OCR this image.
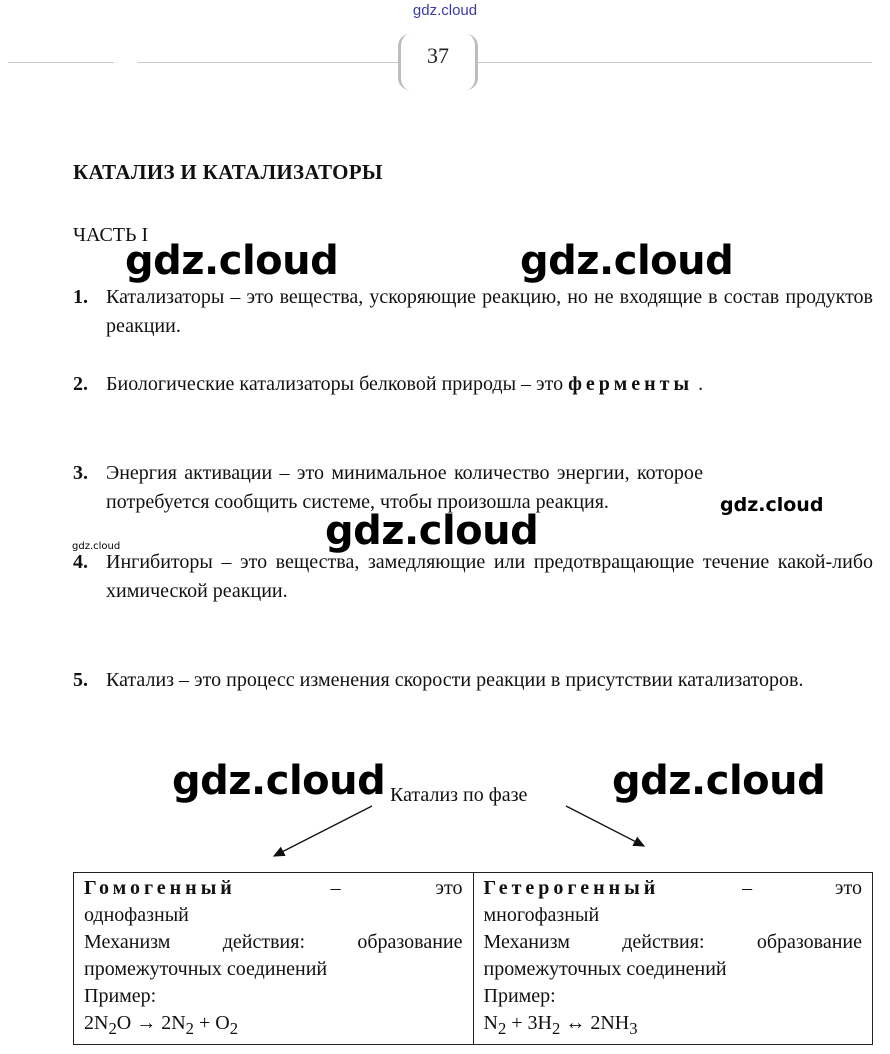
gdz.cloud
37
КАТАЛИЗ И КАТАЛИЗАТОРЫ
ЧАСТЬ I
1. Катализаторы – это вещества, ускоряющие реакцию, но не входящие в состав продуктов реакции.
2. Биологические катализаторы белковой природы – это ферменты .
3. Энергия активации – это минимальное количество энергии, которое потребуется сообщить системе, чтобы произошла реакция.
4. Ингибиторы – это вещества, замедляющие или предотвращающие течение какой-либо химической реакции.
5. Катализ – это процесс изменения скорости реакции в присутствии катализаторов.
gdz.cloud	gdz.cloud
gdz.cloud
gdz.cloud
gdz.cloud
gdz.cloud	gdz.cloud
Катализ по фазе
Гомогенный	–	это
однофазный
Механизм	действия:	образование
промежуточных соединений
Пример:
$2N_2O \to 2N_2 + O_2$

Гетерогенный	–	это
многофазный
Механизм	действия:	образование
промежуточных соединений
Пример:
$N_2 + 3H_2$ ↔ $2NH_3$
